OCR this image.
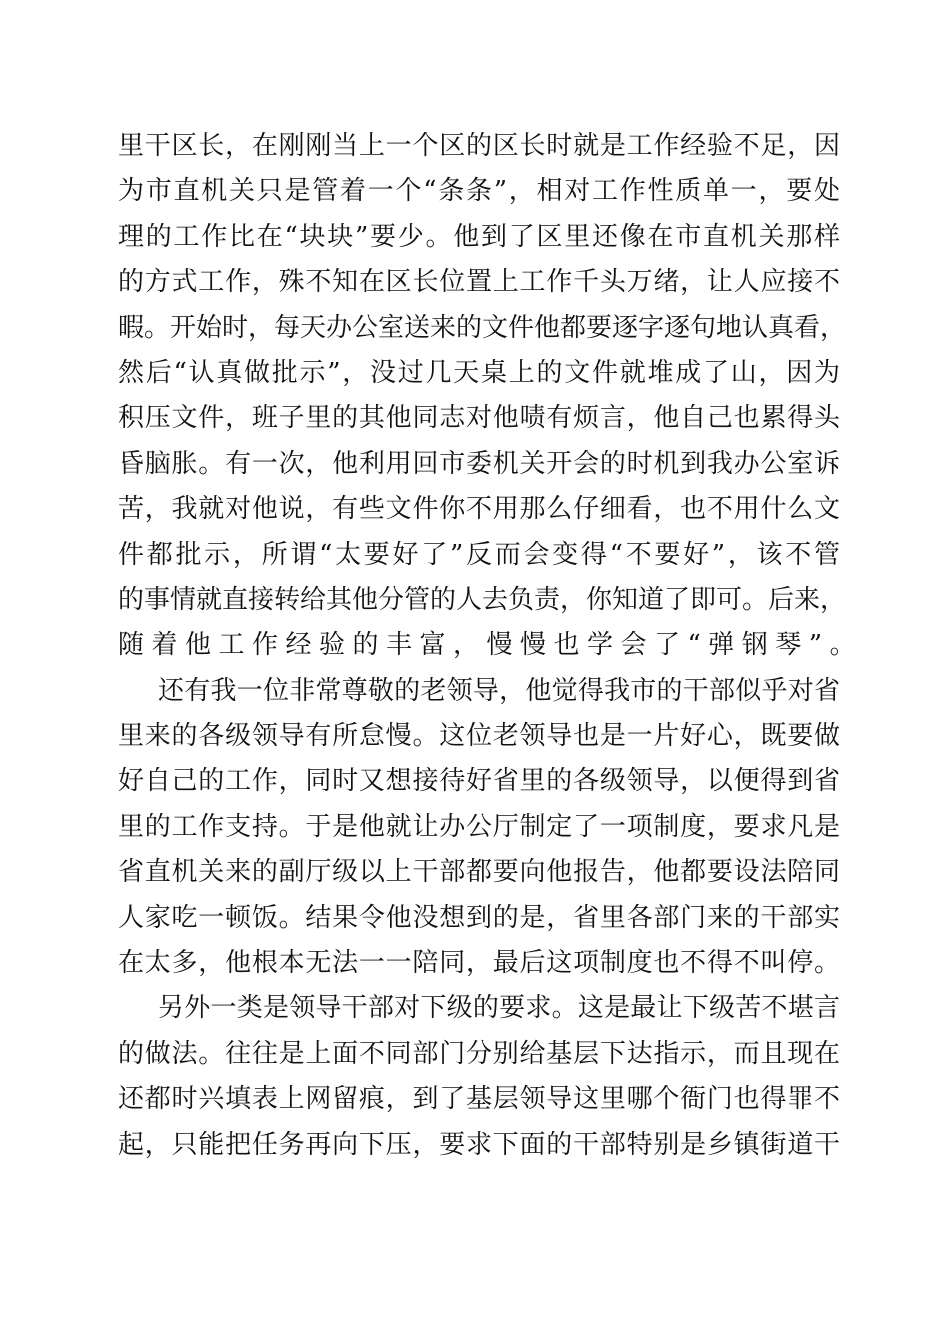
里干区长，在刚刚当上一个区的区长时就是工作经验不足，因
为市直机关只是管着一个“条条”，相对工作性质单一，要处
理的工作比在“块块”要少。他到了区里还像在市直机关那样
的方式工作，殊不知在区长位置上工作千头万绪，让人应接不
暇。开始时，每天办公室送来的文件他都要逐字逐句地认真看，
然后“认真做批示”，没过几天桌上的文件就堆成了山，因为
积压文件，班子里的其他同志对他啧有烦言，他自己也累得头
昏脑胀。有一次，他利用回市委机关开会的时机到我办公室诉
苦，我就对他说，有些文件你不用那么仔细看，也不用什么文
件都批示，所谓“太要好了”反而会变得“不要好”，该不管
的事情就直接转给其他分管的人去负责，你知道了即可。后来，
随着他工作经验的丰富，慢慢也学会了“弹钢琴”。
还有我一位非常尊敬的老领导，他觉得我市的干部似乎对省
里来的各级领导有所怠慢。这位老领导也是一片好心，既要做
好自己的工作，同时又想接待好省里的各级领导，以便得到省
里的工作支持。于是他就让办公厅制定了一项制度，要求凡是
省直机关来的副厅级以上干部都要向他报告，他都要设法陪同
人家吃一顿饭。结果令他没想到的是，省里各部门来的干部实
在太多，他根本无法一一陪同，最后这项制度也不得不叫停。
另外一类是领导干部对下级的要求。这是最让下级苦不堪言
的做法。往往是上面不同部门分别给基层下达指示，而且现在
还都时兴填表上网留痕，到了基层领导这里哪个衙门也得罪不
起，只能把任务再向下压，要求下面的干部特别是乡镇街道干
